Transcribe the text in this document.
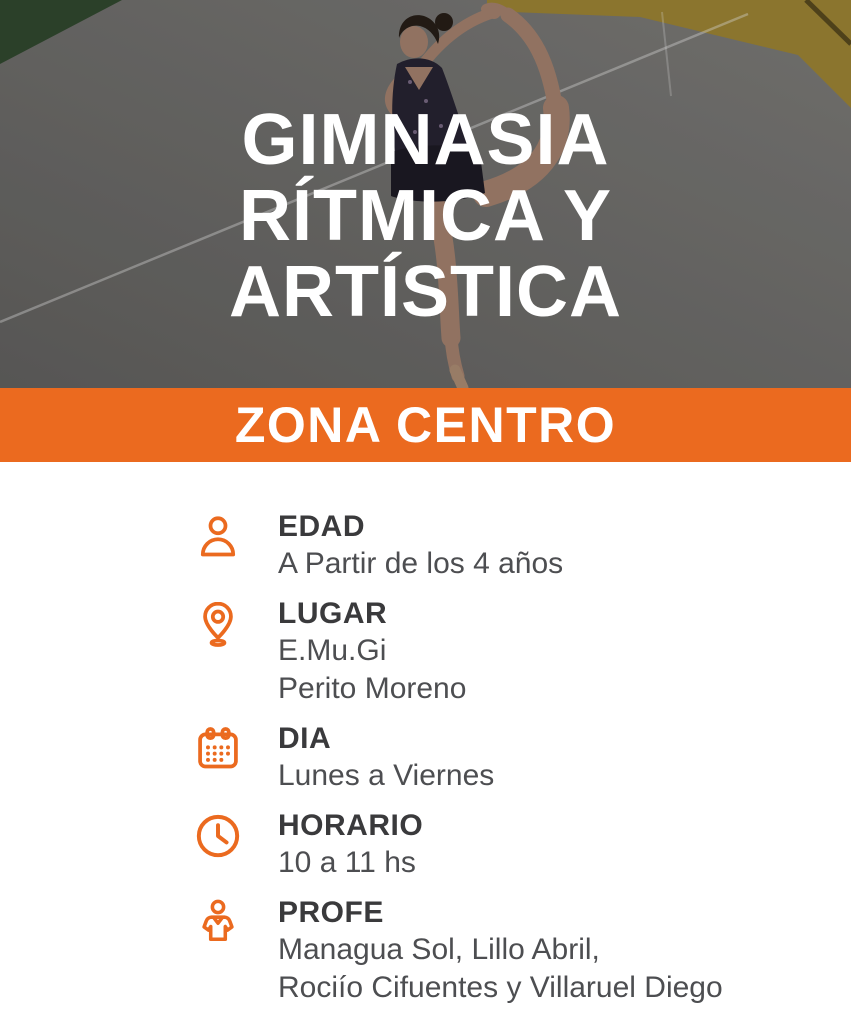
GIMNASIA
RÍTMICA Y
ARTÍSTICA
ZONA CENTRO
EDAD
A Partir de los 4 años
LUGAR
E.Mu.Gi
Perito Moreno
DIA
Lunes a Viernes
HORARIO
10 a 11 hs
PROFE
Managua Sol, Lillo Abril,
Rociío Cifuentes y Villaruel Diego
